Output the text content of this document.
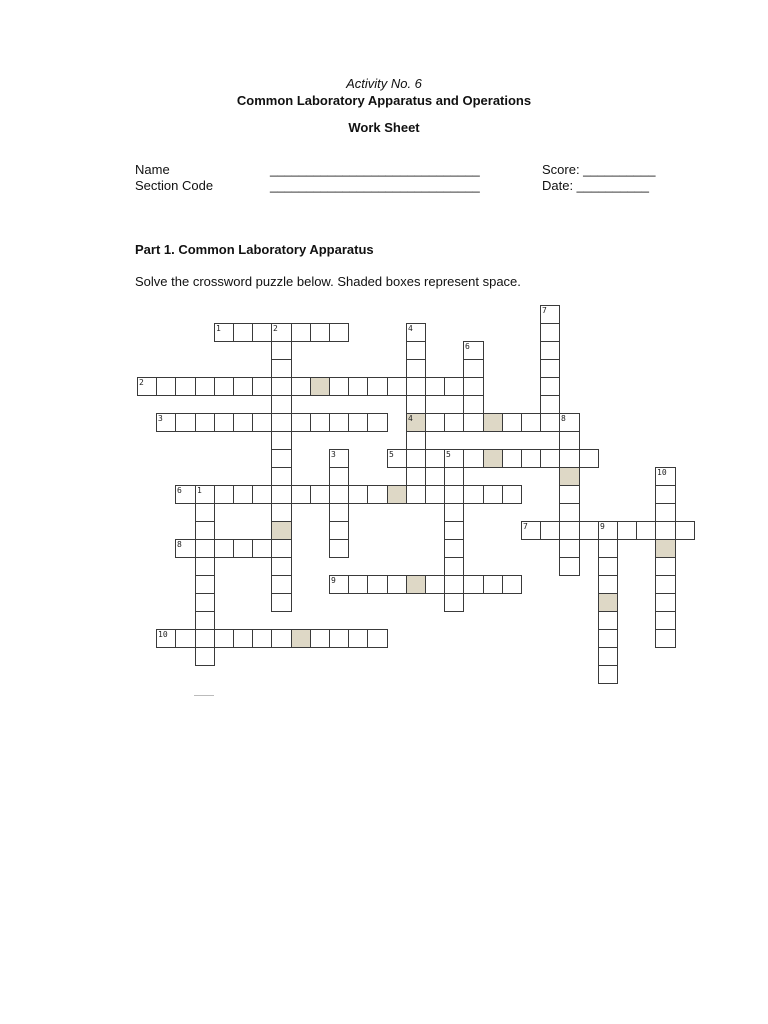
Activity No. 6
Common Laboratory Apparatus and Operations
Work Sheet
Name	_____________________________	Score: __________
Section Code	_____________________________	Date: __________
Part 1. Common Laboratory Apparatus
Solve the crossword puzzle below. Shaded boxes represent space.
1	2	4
6
7
2
3	4	8
3	5	5
10
6 1
7	9
8
9
10
